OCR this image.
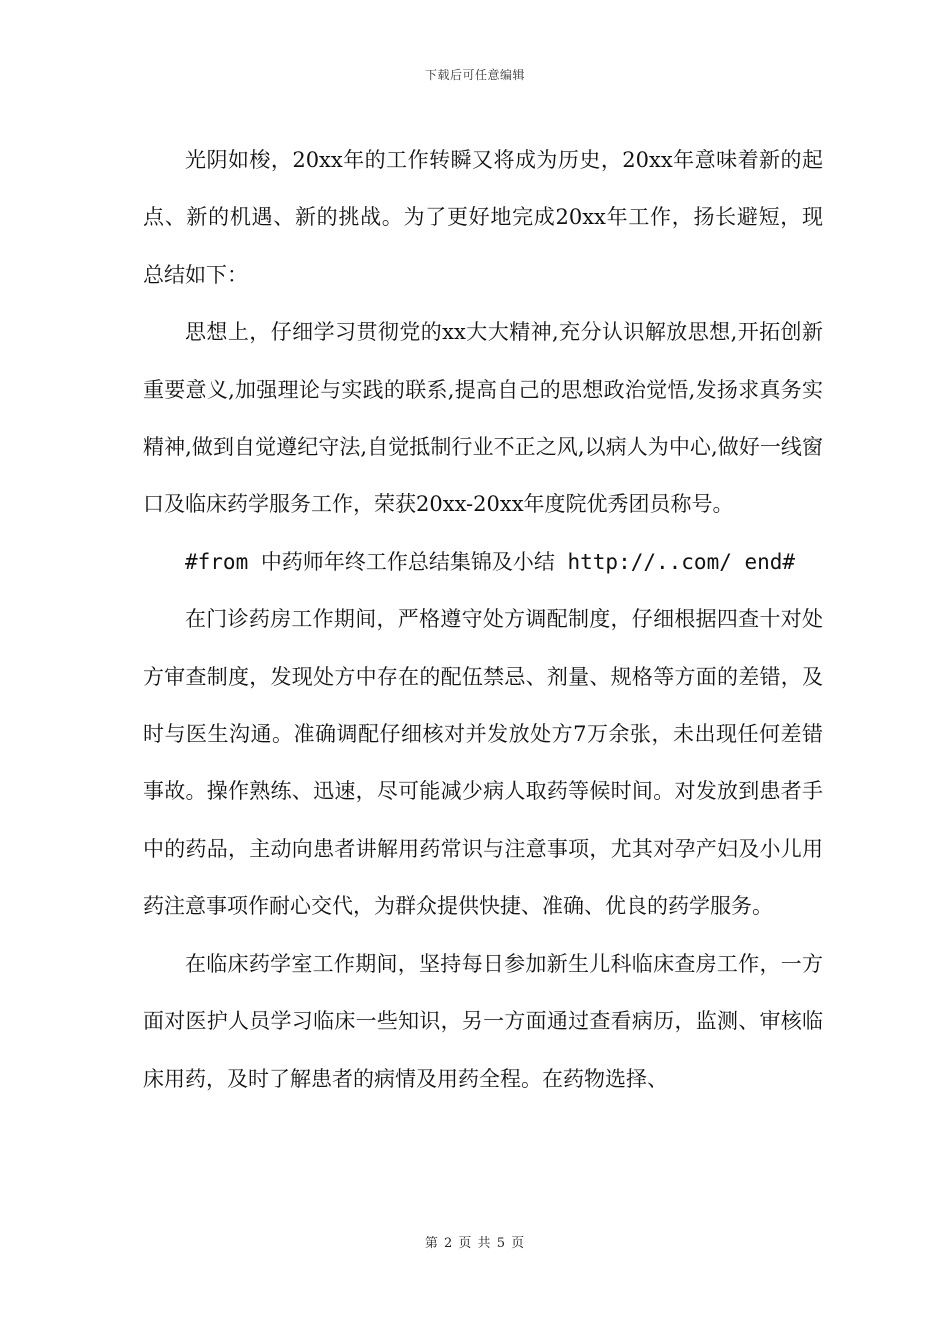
下载后可任意编辑

光阴如梭，20xx年的工作转瞬又将成为历史，20xx年意味着新的起点、新的机遇、新的挑战。为了更好地完成20xx年工作，扬长避短，现总结如下：

思想上，仔细学习贯彻党的xx大大精神,充分认识解放思想,开拓创新重要意义,加强理论与实践的联系,提高自己的思想政治觉悟,发扬求真务实精神,做到自觉遵纪守法,自觉抵制行业不正之风,以病人为中心,做好一线窗口及临床药学服务工作，荣获20xx-20xx年度院优秀团员称号。

#from 中药师年终工作总结集锦及小结 http://..com/ end#

在门诊药房工作期间，严格遵守处方调配制度，仔细根据四查十对处方审查制度，发现处方中存在的配伍禁忌、剂量、规格等方面的差错，及时与医生沟通。准确调配仔细核对并发放处方7万余张，未出现任何差错事故。操作熟练、迅速，尽可能减少病人取药等候时间。对发放到患者手中的药品，主动向患者讲解用药常识与注意事项，尤其对孕产妇及小儿用药注意事项作耐心交代，为群众提供快捷、准确、优良的药学服务。

在临床药学室工作期间，坚持每日参加新生儿科临床查房工作，一方面对医护人员学习临床一些知识，另一方面通过查看病历，监测、审核临床用药，及时了解患者的病情及用药全程。在药物选择、

第 2 页 共 5 页
